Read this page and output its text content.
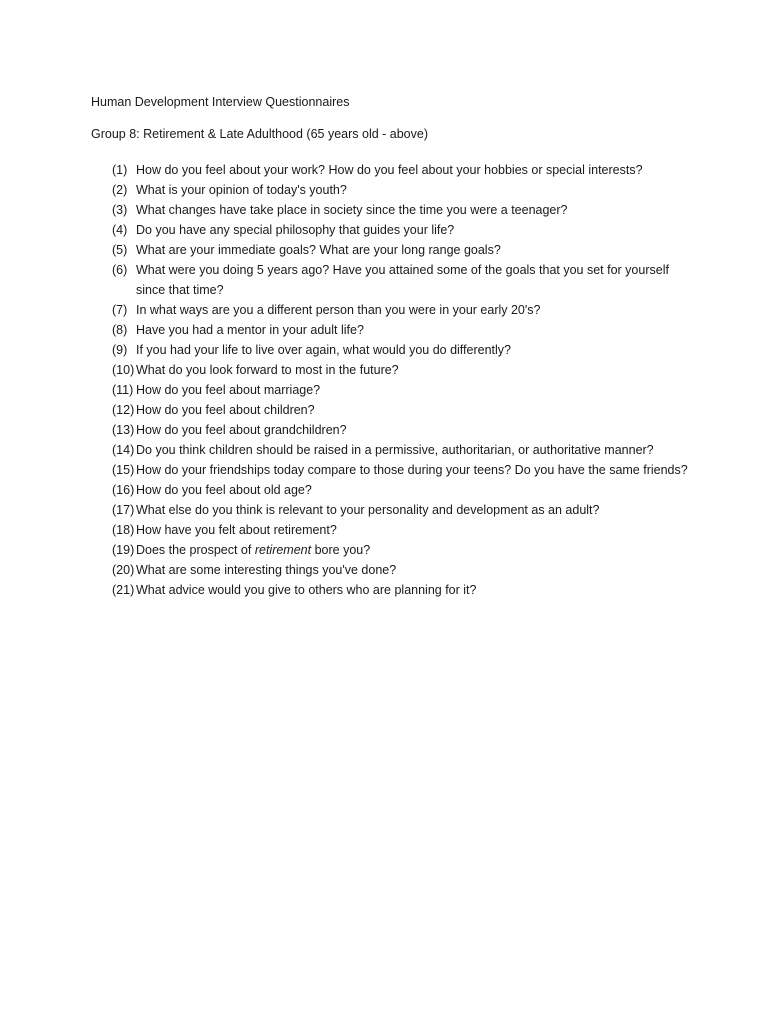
Human Development Interview Questionnaires
Group 8: Retirement & Late Adulthood (65 years old - above)
(1) How do you feel about your work? How do you feel about your hobbies or special interests?
(2) What is your opinion of today's youth?
(3) What changes have take place in society since the time you were a teenager?
(4) Do you have any special philosophy that guides your life?
(5) What are your immediate goals? What are your long range goals?
(6) What were you doing 5 years ago? Have you attained some of the goals that you set for yourself since that time?
(7) In what ways are you a different person than you were in your early 20's?
(8) Have you had a mentor in your adult life?
(9) If you had your life to live over again, what would you do differently?
(10) What do you look forward to most in the future?
(11) How do you feel about marriage?
(12) How do you feel about children?
(13) How do you feel about grandchildren?
(14) Do you think children should be raised in a permissive, authoritarian, or authoritative manner?
(15) How do your friendships today compare to those during your teens? Do you have the same friends?
(16) How do you feel about old age?
(17) What else do you think is relevant to your personality and development as an adult?
(18) How have you felt about retirement?
(19) Does the prospect of retirement bore you?
(20) What are some interesting things you've done?
(21) What advice would you give to others who are planning for it?
